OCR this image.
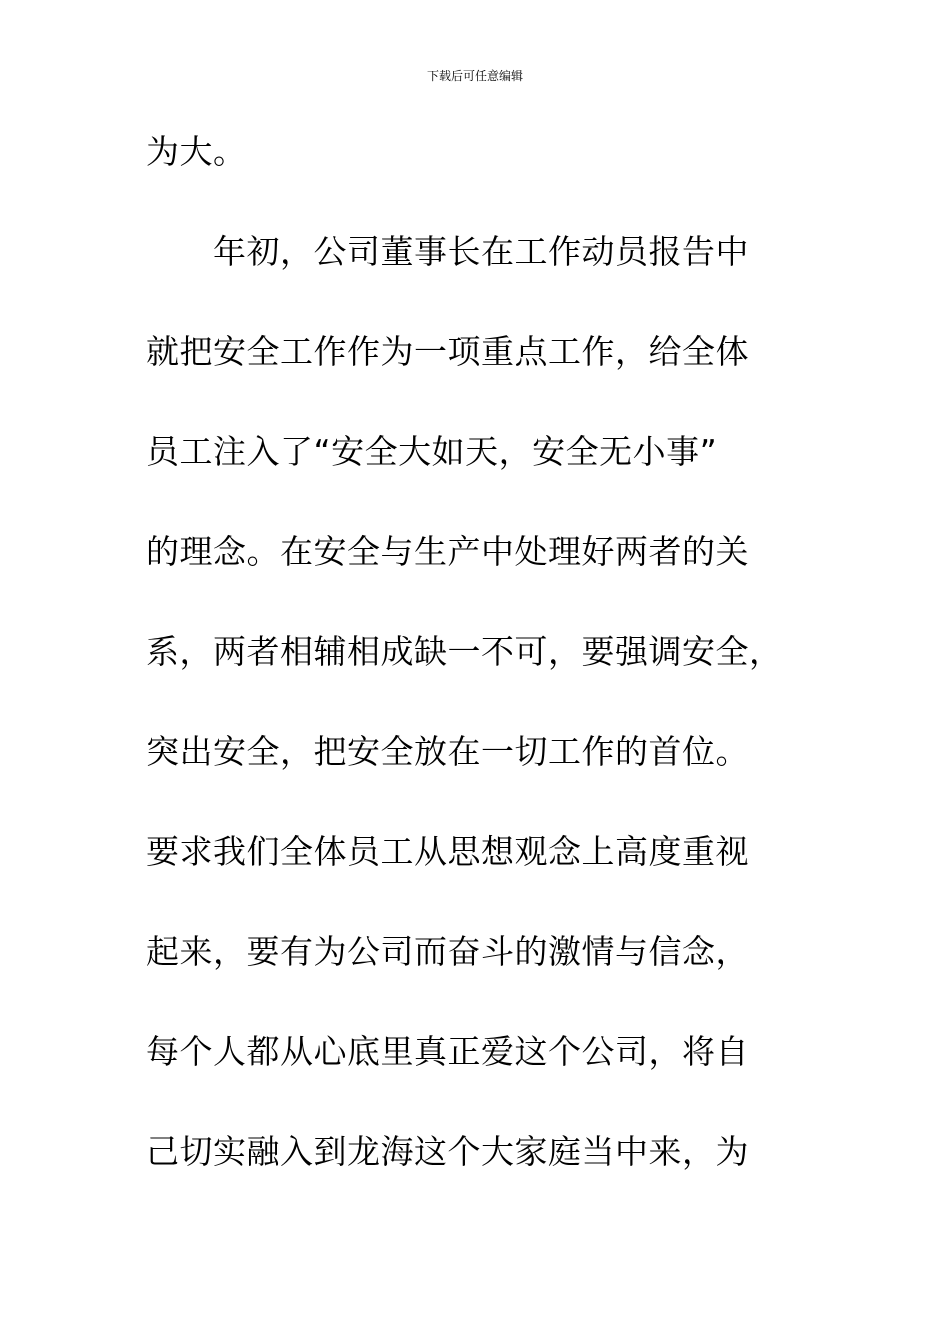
下载后可任意编辑
为大。
　　年初，公司董事长在工作动员报告中
就把安全工作作为一项重点工作，给全体
员工注入了“安全大如天，安全无小事”
的理念。在安全与生产中处理好两者的关
系，两者相辅相成缺一不可，要强调安全，
突出安全，把安全放在一切工作的首位。
要求我们全体员工从思想观念上高度重视
起来，要有为公司而奋斗的激情与信念，
每个人都从心底里真正爱这个公司，将自
己切实融入到龙海这个大家庭当中来，为
